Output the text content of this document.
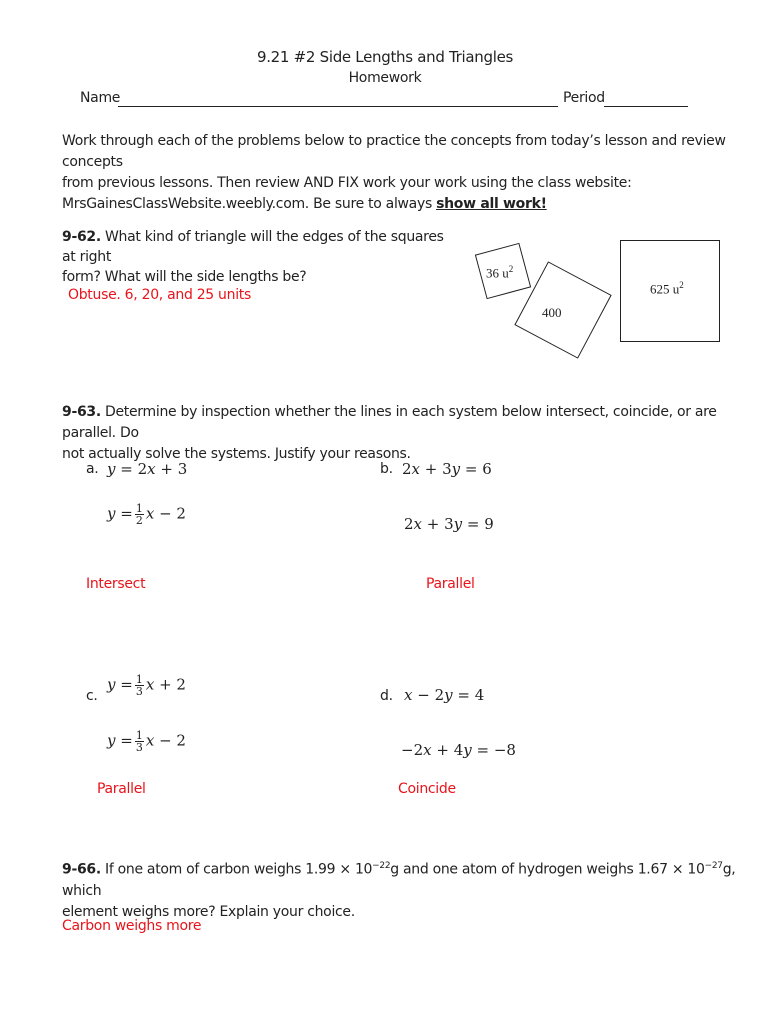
9.21 #2 Side Lengths and Triangles
Homework
Name	Period
Work through each of the problems below to practice the concepts from today’s lesson and review concepts
from previous lessons. Then review AND FIX work your work using the class website:
MrsGainesClassWebsite.weebly.com. Be sure to always show all work!
9-62. What kind of triangle will the edges of the squares at right
form? What will the side lengths be?
Obtuse. 6, 20, and 25 units
36 $u^2$
400
625 $u^2$
9-63. Determine by inspection whether the lines in each system below intersect, coincide, or are parallel. Do
not actually solve the systems. Justify your reasons.
a. y = 2x + 3
$y = \frac{1}{2}$ x − 2
Intersect
b. 2x + 3y = 6
2x + 3y = 9
Parallel
c.
$y = \frac{1}{3}$ x + 2
$y = \frac{1}{3}$ x − 2
Parallel
d. x − 2y = 4
−2x + 4y = −8
Coincide
9-66. If one atom of carbon weighs $1.99 \times 10^{-22}g$ and one atom of hydrogen weighs $1.67 \times 10^{-27}g$, which
element weighs more? Explain your choice.
Carbon weighs more
